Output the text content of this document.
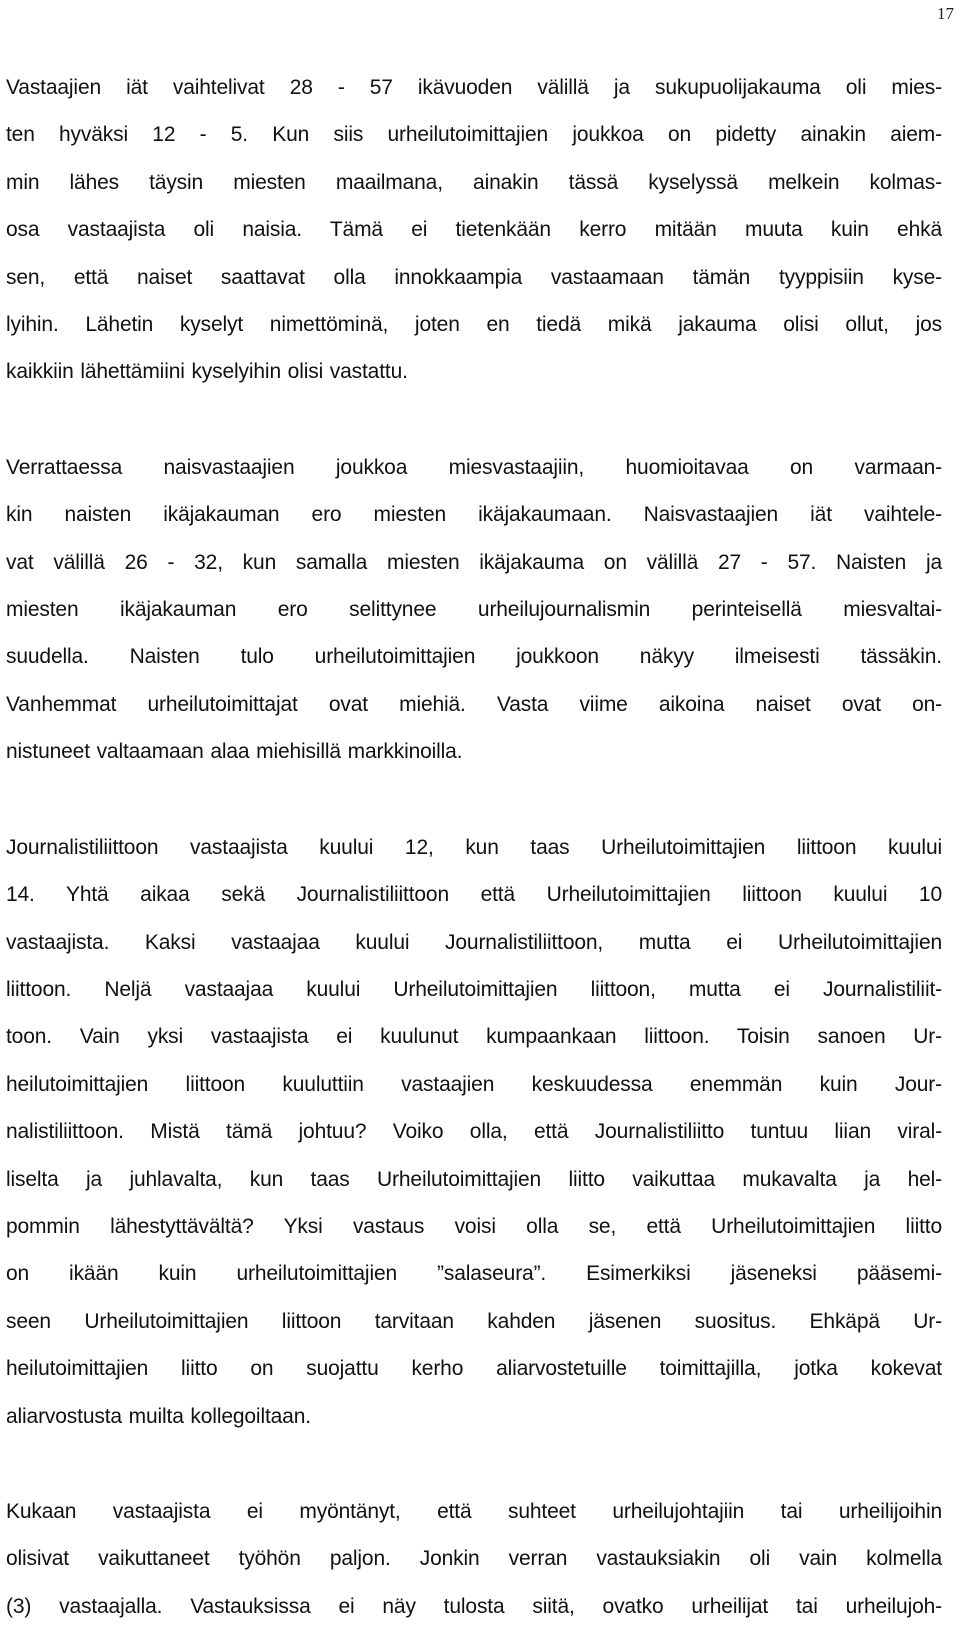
17

Vastaajien iät vaihtelivat 28 - 57 ikävuoden välillä ja sukupuolijakauma oli mies-
ten hyväksi 12 - 5. Kun siis urheilutoimittajien joukkoa on pidetty ainakin aiem-
min lähes täysin miesten maailmana, ainakin tässä kyselyssä melkein kolmas-
osa vastaajista oli naisia. Tämä ei tietenkään kerro mitään muuta kuin ehkä
sen, että naiset saattavat olla innokkaampia vastaamaan tämän tyyppisiin kyse-
lyihin. Lähetin kyselyt nimettöminä, joten en tiedä mikä jakauma olisi ollut, jos
kaikkiin lähettämiini kyselyihin olisi vastattu.

Verrattaessa naisvastaajien joukkoa miesvastaajiin, huomioitavaa on varmaan-
kin naisten ikäjakauman ero miesten ikäjakaumaan. Naisvastaajien iät vaihtele-
vat välillä 26 - 32, kun samalla miesten ikäjakauma on välillä 27 - 57. Naisten ja
miesten ikäjakauman ero selittynee urheilujournalismin perinteisellä miesvaltai-
suudella. Naisten tulo urheilutoimittajien joukkoon näkyy ilmeisesti tässäkin.
Vanhemmat urheilutoimittajat ovat miehiä. Vasta viime aikoina naiset ovat on-
nistuneet valtaamaan alaa miehisillä markkinoilla.

Journalistiliittoon vastaajista kuului 12, kun taas Urheilutoimittajien liittoon kuului
14. Yhtä aikaa sekä Journalistiliittoon että Urheilutoimittajien liittoon kuului 10
vastaajista. Kaksi vastaajaa kuului Journalistiliittoon, mutta ei Urheilutoimittajien
liittoon. Neljä vastaajaa kuului Urheilutoimittajien liittoon, mutta ei Journalistiliit-
toon. Vain yksi vastaajista ei kuulunut kumpaankaan liittoon. Toisin sanoen Ur-
heilutoimittajien liittoon kuuluttiin vastaajien keskuudessa enemmän kuin Jour-
nalistiliittoon. Mistä tämä johtuu? Voiko olla, että Journalistiliitto tuntuu liian viral-
liselta ja juhlavalta, kun taas Urheilutoimittajien liitto vaikuttaa mukavalta ja hel-
pommin lähestyttävältä? Yksi vastaus voisi olla se, että Urheilutoimittajien liitto
on ikään kuin urheilutoimittajien ”salaseura”. Esimerkiksi jäseneksi pääsemi-
seen Urheilutoimittajien liittoon tarvitaan kahden jäsenen suositus. Ehkäpä Ur-
heilutoimittajien liitto on suojattu kerho aliarvostetuille toimittajilla, jotka kokevat
aliarvostusta muilta kollegoiltaan.

Kukaan vastaajista ei myöntänyt, että suhteet urheilujohtajiin tai urheilijoihin
olisivat vaikuttaneet työhön paljon. Jonkin verran vastauksiakin oli vain kolmella
(3) vastaajalla. Vastauksissa ei näy tulosta siitä, ovatko urheilijat tai urheilujoh-
